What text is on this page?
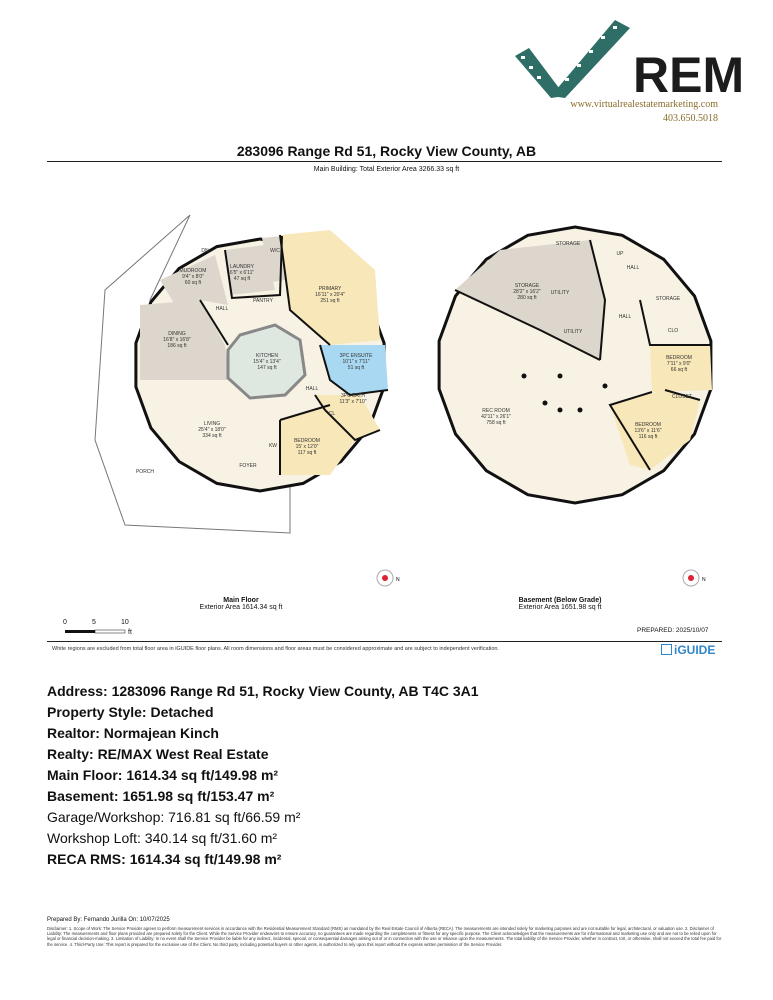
REM
www.virtualrealestatemarketing.com
403.650.5018
283096 Range Rd 51, Rocky View County, AB
Main Building: Total Exterior Area 3266.33 sq ft
LAUNDRY
6'5" x 6'11"
47 sq ft
W/C
MUDROOM
9'4" x 8'0"
60 sq ft
PRIMARY
16'11" x 20'4"
251 sq ft
PANTRY
DINING
16'8" x 16'8"
186 sq ft
KITCHEN
15'4" x 13'4"
147 sq ft
3PC ENSUITE
10'1" x 7'11"
51 sq ft
3PC BATH
11'3" x 7'10"
LIVING
25'4" x 18'0"
334 sq ft
BEDROOM
15' x 12'0"
117 sq ft
DN
HALL
HALL
CL
PORCH
FOYER
KW
STORAGE
STORAGE
28'2" x 16'2"
280 sq ft
UTILITY
STORAGE
BEDROOM
7'11" x 9'0"
66 sq ft
REC ROOM
42'11" x 26'1"
758 sq ft	BEDROOM
13'6" x 11'6"
116 sq ft
UP
HALL
HALL
UTILITY	CLO
CLOSET
N	N
Main Floor
Exterior Area 1614.34 sq ft
Basement (Below Grade)
Exterior Area 1651.98 sq ft
0	5	10
ft	PREPARED: 2025/10/07
White regions are excluded from total floor area in iGUIDE floor plans. All room dimensions and floor areas must be considered approximate and are subject to independent verification.	iGUIDE
Address: 1283096 Range Rd 51, Rocky View County, AB T4C 3A1
Property Style: Detached
Realtor: Normajean Kinch
Realty: RE/MAX West Real Estate
Main Floor: 1614.34 sq ft/149.98 m²
Basement: 1651.98 sq ft/153.47 m²
Garage/Workshop: 716.81 sq ft/66.59 m²
Workshop Loft: 340.14 sq ft/31.60 m²
RECA RMS: 1614.34 sq ft/149.98 m²
Prepared By: Fernando Jurilla On: 10/07/2025
Disclaimer: 1. Scope of Work: The Service Provider agrees to perform measurement services in accordance with the Residential Measurement Standard (RMS) as mandated by the Real Estate Council of Alberta (RECA). The measurements are intended solely for marketing purposes and are not suitable for legal, architectural, or valuation use. 2. Disclaimer of Liability: The measurements and floor plans provided are prepared solely for the Client. While the Service Provider endeavors to ensure accuracy, no guarantees are made regarding the completeness or fitness for any specific purpose. The Client acknowledges that the measurements are for informational and marketing use only and are not to be relied upon for legal or financial decision-making. 3. Limitation of Liability: In no event shall the Service Provider be liable for any indirect, incidental, special, or consequential damages arising out of or in connection with the use or reliance upon the measurements. The total liability of the Service Provider, whether in contract, tort, or otherwise, shall not exceed the total fee paid for the service. 4. Third-Party Use: This report is prepared for the exclusive use of the Client. No third party, including potential buyers or other agents, is authorized to rely upon this report without the express written permission of the Service Provider.
